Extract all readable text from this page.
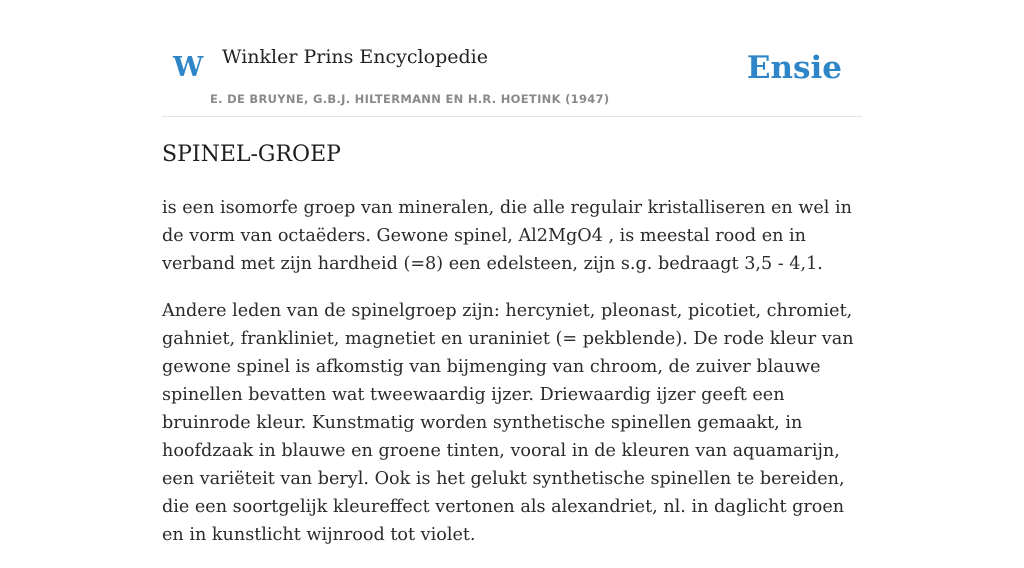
W Winkler Prins Encyclopedie
E. DE BRUYNE, G.B.J. HILTERMANN EN H.R. HOETINK (1947)
Ensie
SPINEL-GROEP

is een isomorfe groep van mineralen, die alle regulair kristalliseren en wel in de vorm van octaëders. Gewone spinel, Al2MgO4 , is meestal rood en in verband met zijn hardheid (=8) een edelsteen, zijn s.g. bedraagt 3,5 - 4,1.

Andere leden van de spinelgroep zijn: hercyniet, pleonast, picotiet, chromiet, gahniet, frankliniet, magnetiet en uraniniet (= pekblende). De rode kleur van gewone spinel is afkomstig van bijmenging van chroom, de zuiver blauwe spinellen bevatten wat tweewaardig ijzer. Driewaardig ijzer geeft een bruinrode kleur. Kunstmatig worden synthetische spinellen gemaakt, in hoofdzaak in blauwe en groene tinten, vooral in de kleuren van aquamarijn, een variëteit van beryl. Ook is het gelukt synthetische spinellen te bereiden, die een soortgelijk kleureffect vertonen als alexandriet, nl. in daglicht groen en in kunstlicht wijnrood tot violet.
